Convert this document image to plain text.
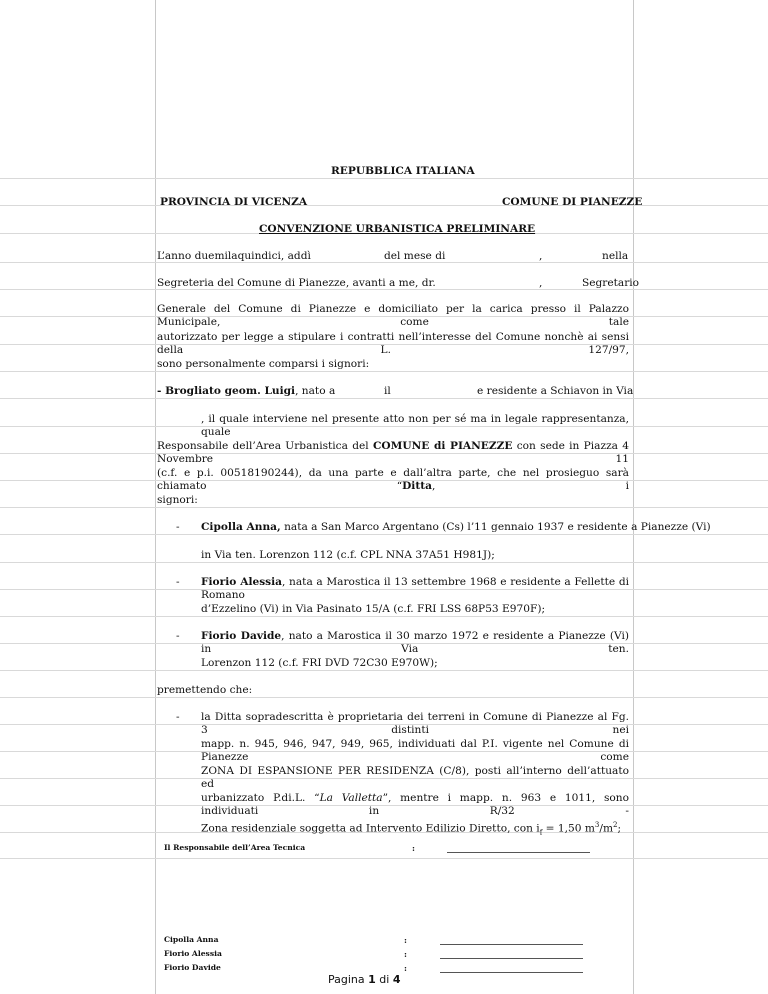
REPUBBLICA ITALIANA
PROVINCIA DI VICENZA	COMUNE DI PIANEZZE
CONVENZIONE URBANISTICA PRELIMINARE
L’anno duemilaquindici, addì	del mese di	,	nella
Segreteria del Comune di Pianezze, avanti a me, dr.	,	Segretario
Generale del Comune di Pianezze e domiciliato per la carica presso il Palazzo Municipale, come tale
autorizzato per legge a stipulare i contratti nell’interesse del Comune nonchè ai sensi della L. 127/97,
sono personalmente comparsi i signori:
- Brogliato geom. Luigi, nato a	il	e residente a Schiavon in Via
, il quale interviene nel presente atto non per sé ma in legale rappresentanza, quale
Responsabile dell’Area Urbanistica del COMUNE di PIANEZZE con sede in Piazza 4 Novembre 11
(c.f. e p.i. 00518190244), da una parte e dall’altra parte, che nel prosieguo sarà chiamato “Ditta, i
signori:
- Cipolla Anna, nata a San Marco Argentano (Cs) l’11 gennaio 1937 e residente a Pianezze (Vi)
in Via ten. Lorenzon 112 (c.f. CPL NNA 37A51 H981J);
- Fiorio Alessia, nata a Marostica il 13 settembre 1968 e residente a Fellette di Romano
d’Ezzelino (Vi) in Via Pasinato 15/A (c.f. FRI LSS 68P53 E970F);
- Fiorio Davide, nato a Marostica il 30 marzo 1972 e residente a Pianezze (Vi) in Via ten.
Lorenzon 112 (c.f. FRI DVD 72C30 E970W);
premettendo che:
- la Ditta sopradescritta è proprietaria dei terreni in Comune di Pianezze al Fg. 3 distinti nei
mapp. n. 945, 946, 947, 949, 965, individuati dal P.I. vigente nel Comune di Pianezze come
ZONA DI ESPANSIONE PER RESIDENZA (C/8), posti all’interno dell’attuato ed
urbanizzato P.di.L. “La Valletta”, mentre i mapp. n. 963 e 1011, sono individuati in R/32 -
Zona residenziale soggetta ad Intervento Edilizio Diretto, con $i_f = 1,50$ $m^3/m^2$;
Il Responsabile dell’Area Tecnica	:
Cipolla Anna	:
Fiorio Alessia	:
Fiorio Davide	:
Pagina 1 di 4
